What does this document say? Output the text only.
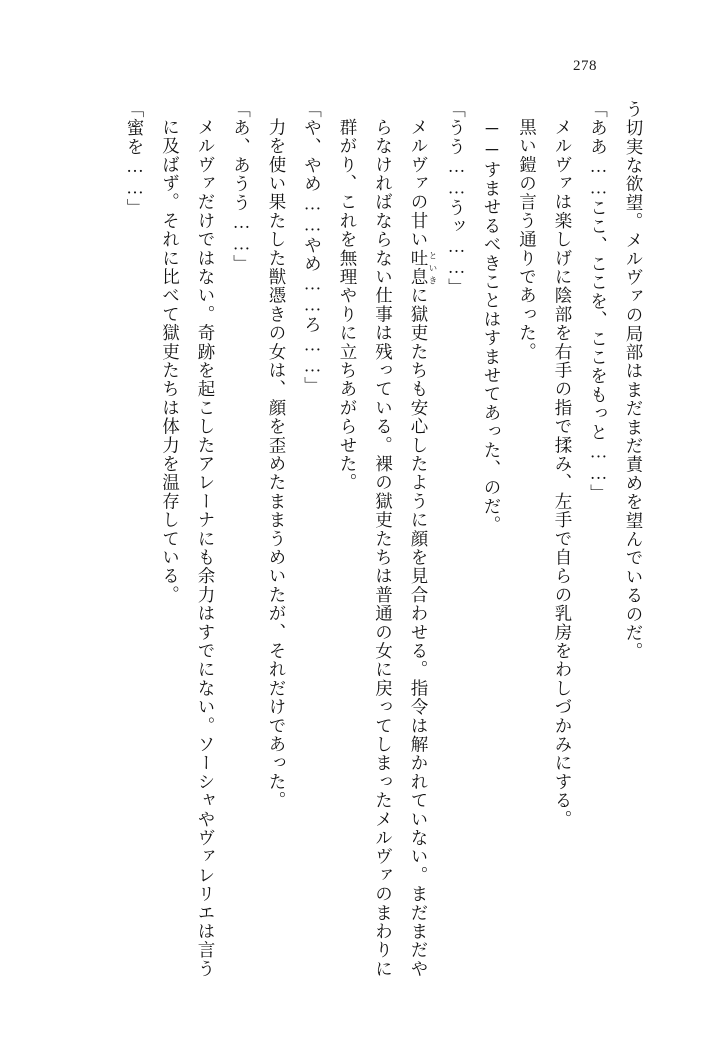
278

う切実な欲望。メルヴァの局部はまだまだ責めを望んでいるのだ。

「ああ……ここ、ここを、ここをもっと……」

メルヴァは楽しげに陰部を右手の指で揉み、左手で自らの乳房をわしづかみにする。

黒い鎧の言う通りであった。

──すませるべきことはすませてあった、のだ。

「うう……うッ……」

メルヴァの甘い吐息 といきに獄吏たちも安心したように顔を見合わせる。指令は解かれていない。まだまだやらなければならない仕事は残っている。裸の獄吏たちは普通の女に戻ってしまったメルヴァのまわりに群がり、これを無理やりに立ちあがらせた。

「や、やめ……やめ……ろ……」

力を使い果たした獣憑きの女は、顔を歪めたままうめいたが、それだけであった。

「あ、あうう……」

メルヴァだけではない。奇跡を起こしたアレーナにも余力はすでにない。ソーシャやヴァレリエは言うに及ばず。それに比べて獄吏たちは体力を温存している。

「蜜を……」
